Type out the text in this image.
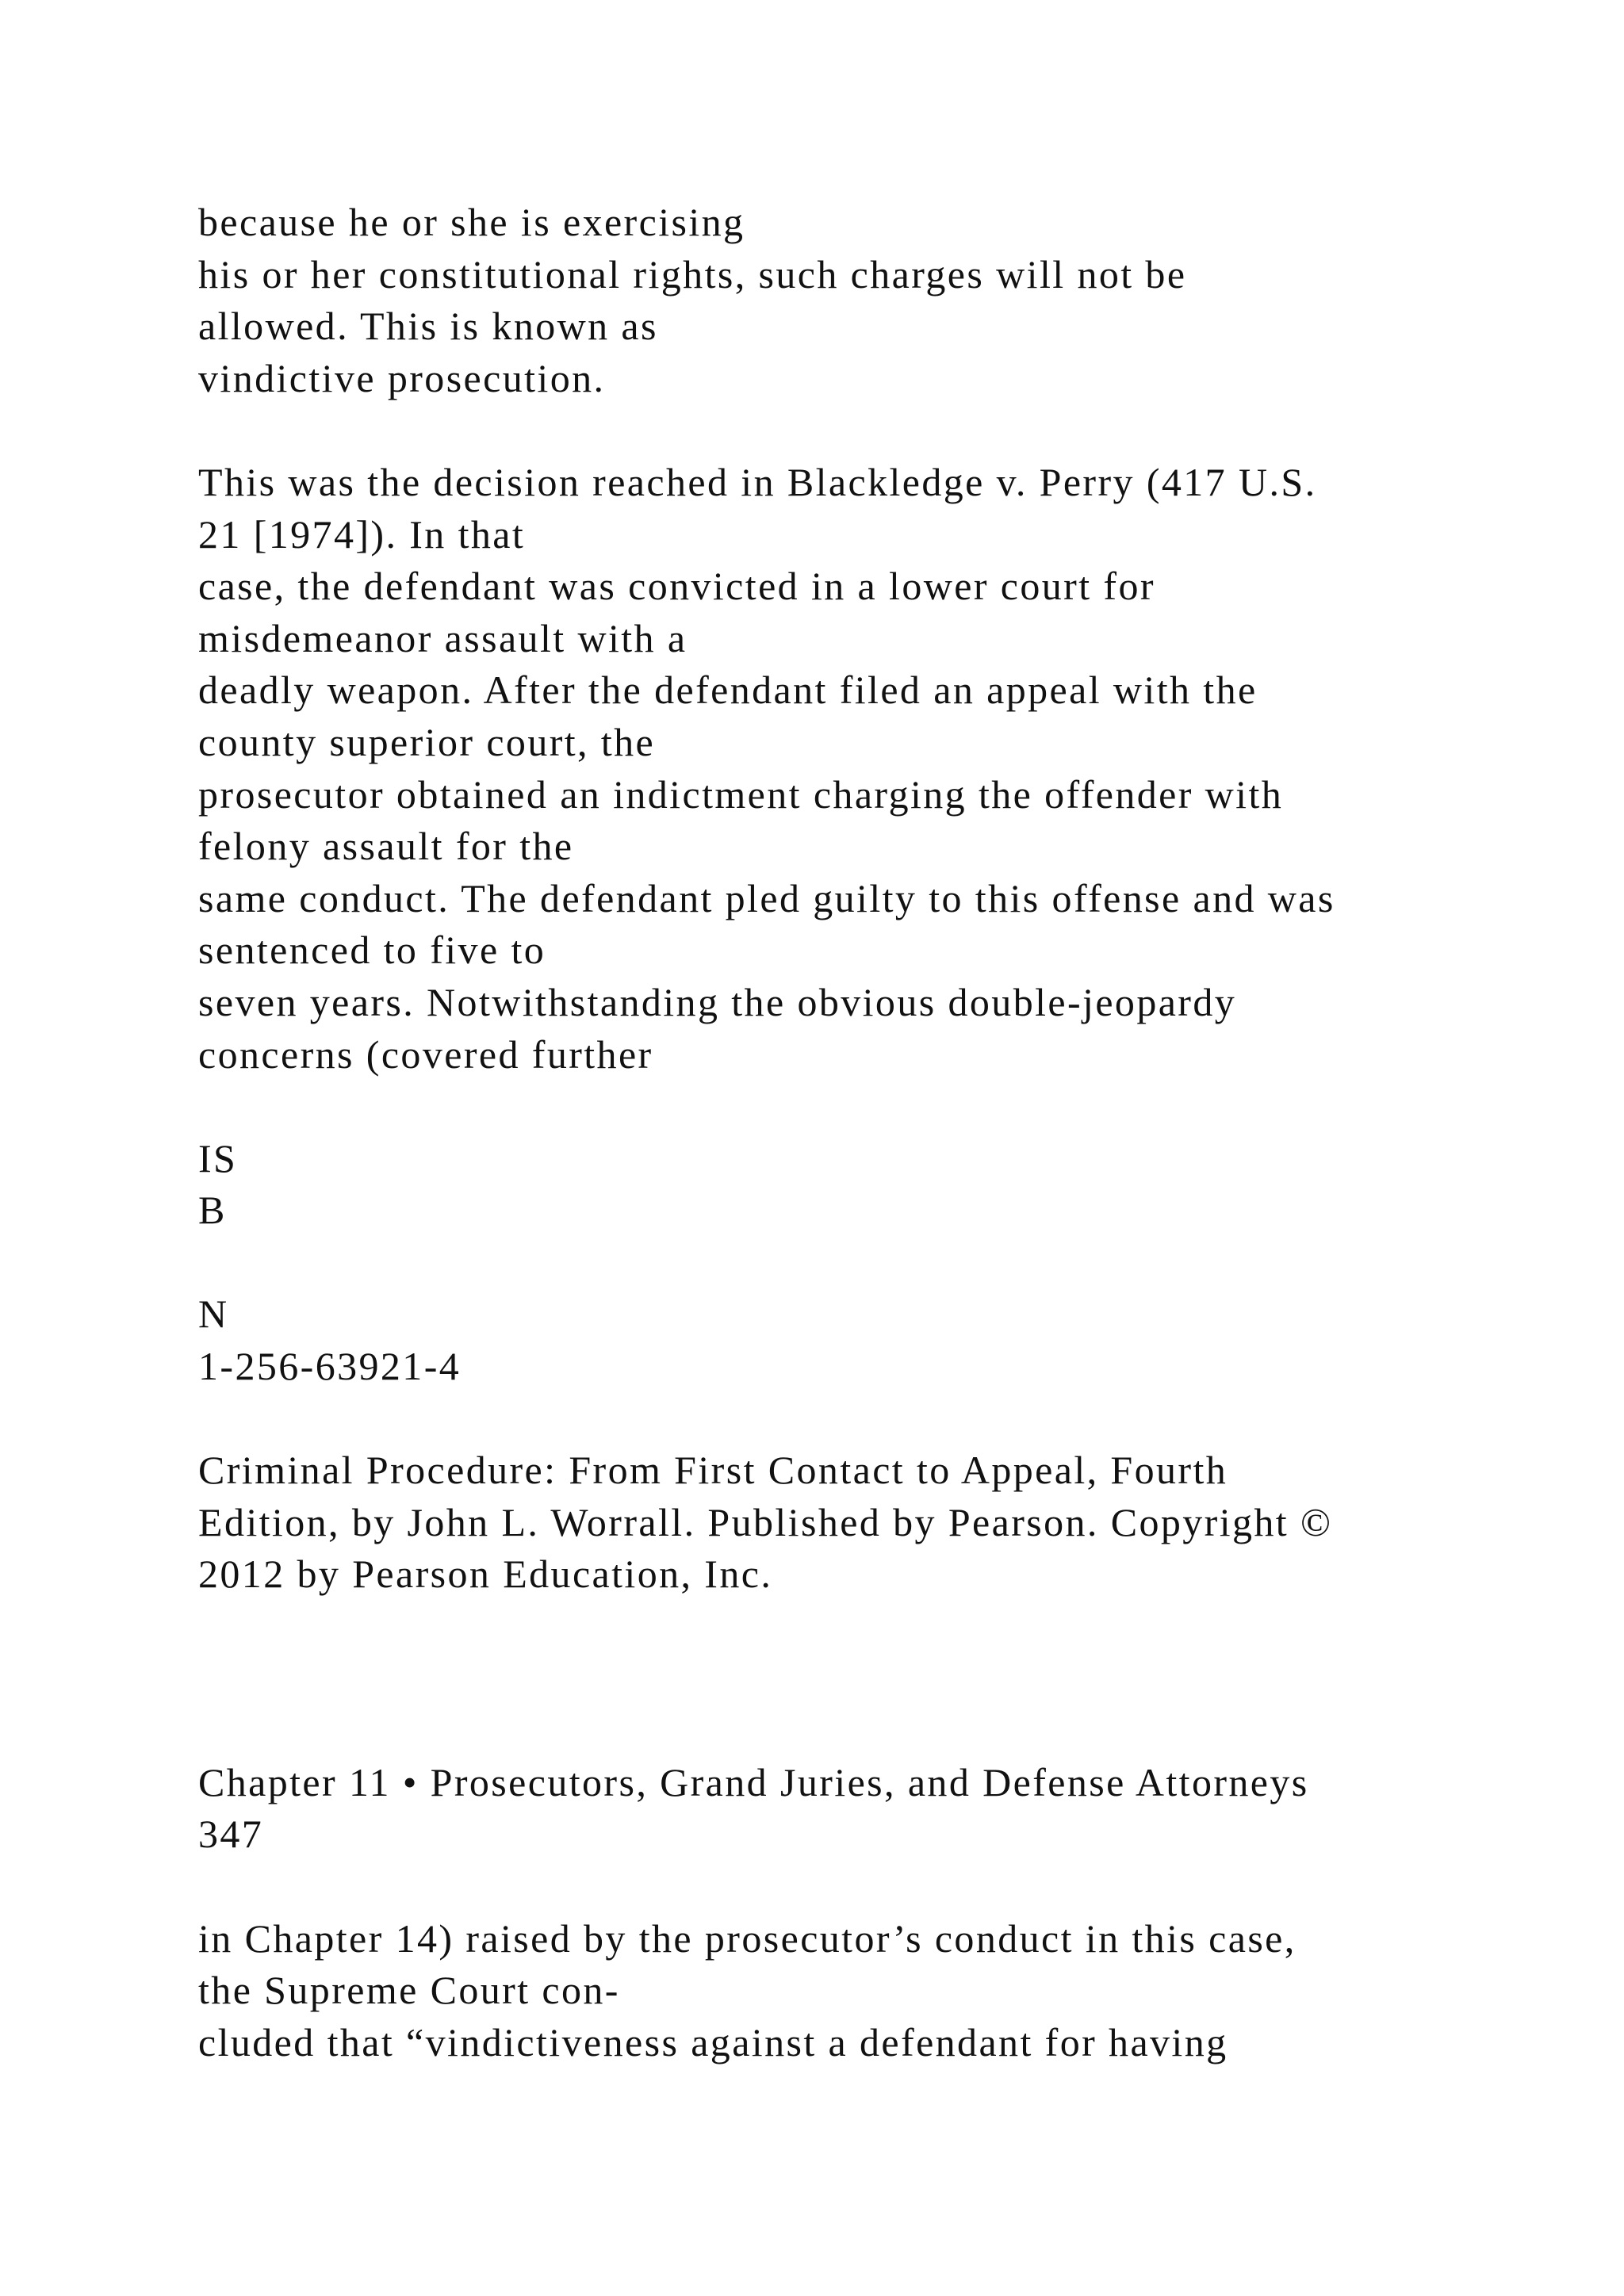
because he or she is exercising
his or her constitutional rights, such charges will not be
allowed. This is known as
vindictive prosecution.
This was the decision reached in Blackledge v. Perry (417 U.S.
21 [1974]). In that
case, the defendant was convicted in a lower court for
misdemeanor assault with a
deadly weapon. After the defendant filed an appeal with the
county superior court, the
prosecutor obtained an indictment charging the offender with
felony assault for the
same conduct. The defendant pled guilty to this offense and was
sentenced to five to
seven years. Notwithstanding the obvious double-jeopardy
concerns (covered further
IS
B
N
1-256-63921-4
Criminal Procedure: From First Contact to Appeal, Fourth
Edition, by John L. Worrall. Published by Pearson. Copyright ©
2012 by Pearson Education, Inc.
Chapter 11 • Prosecutors, Grand Juries, and Defense Attorneys
347
in Chapter 14) raised by the prosecutor’s conduct in this case,
the Supreme Court con-
cluded that “vindictiveness against a defendant for having
